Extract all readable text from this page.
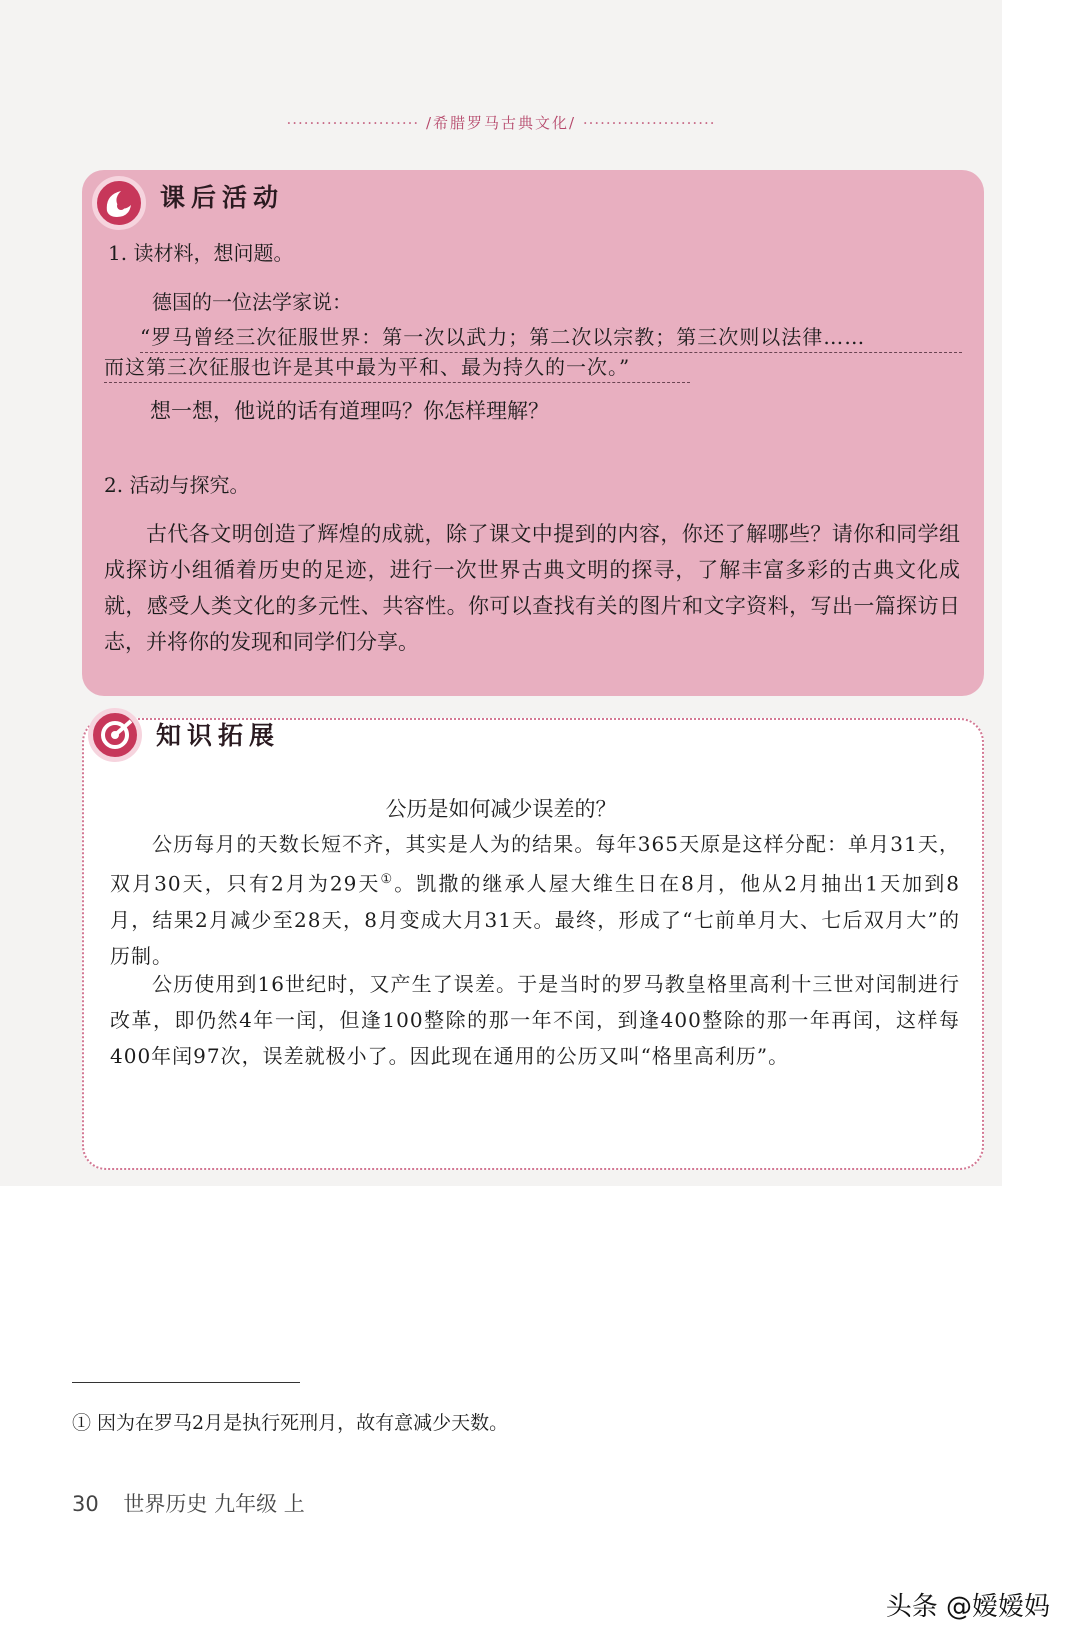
······················· /希腊罗马古典文化/ ·······················
课后活动
1. 读材料，想问题。
德国的一位法学家说：
“罗马曾经三次征服世界：第一次以武力；第二次以宗教；第三次则以法律……
而这第三次征服也许是其中最为平和、最为持久的一次。”
想一想，他说的话有道理吗？你怎样理解？
2. 活动与探究。
古代各文明创造了辉煌的成就，除了课文中提到的内容，你还了解哪些？请你和同学组成探访小组循着历史的足迹，进行一次世界古典文明的探寻，了解丰富多彩的古典文化成就，感受人类文化的多元性、共容性。你可以查找有关的图片和文字资料，写出一篇探访日志，并将你的发现和同学们分享。
知识拓展
公历是如何减少误差的？
公历每月的天数长短不齐，其实是人为的结果。每年365天原是这样分配：单月31天，双月30天，只有2月为29天①。凯撒的继承人屋大维生日在8月，他从2月抽出1天加到8月，结果2月减少至28天，8月变成大月31天。最终，形成了“七前单月大、七后双月大”的历制。
公历使用到16世纪时，又产生了误差。于是当时的罗马教皇格里高利十三世对闰制进行改革，即仍然4年一闰，但逢100整除的那一年不闰，到逢400整除的那一年再闰，这样每400年闰97次，误差就极小了。因此现在通用的公历又叫“格里高利历”。
① 因为在罗马2月是执行死刑月，故有意减少天数。
30 世界历史 九年级 上
头条 @嫒嫒妈
